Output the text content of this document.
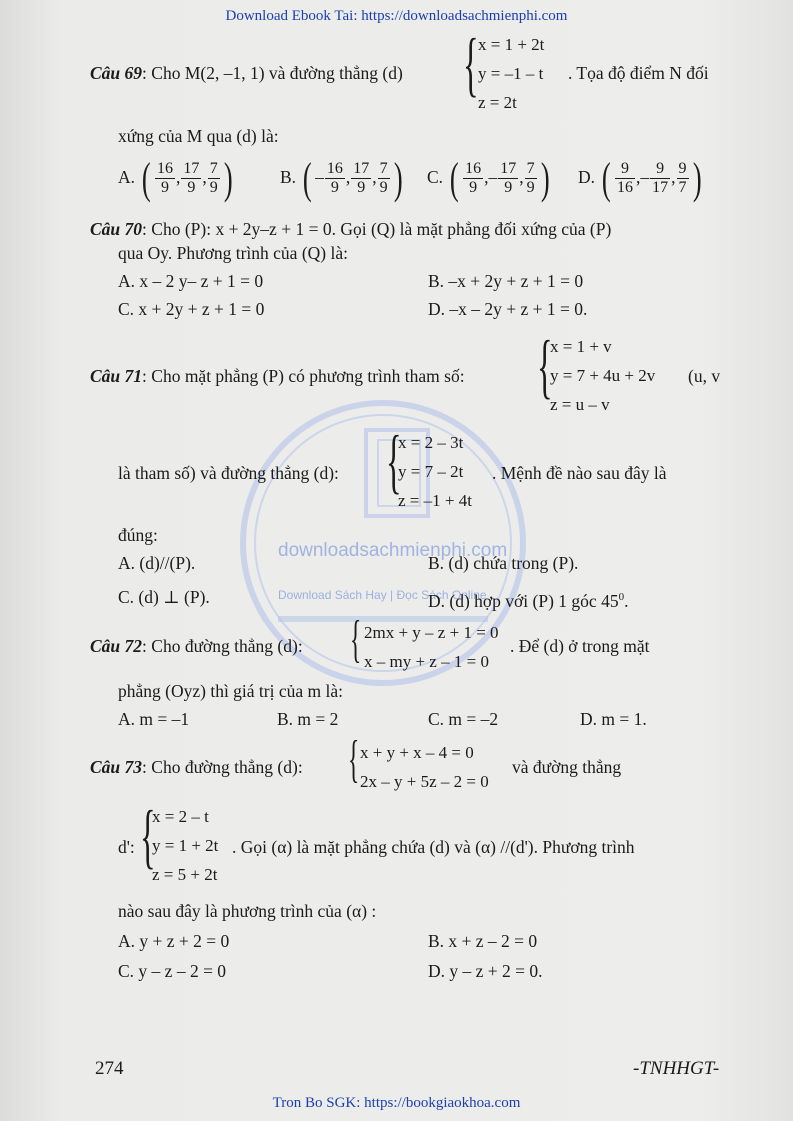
Download Ebook Tai: https://downloadsachmienphi.com
downloadsachmienphi.com
Download Sách Hay | Đọc Sách Online
Câu 69: Cho M(2, –1, 1) và đường thẳng (d) { x = 1 + 2t
y = –1 – t
z = 2t
. Tọa độ điểm N đối
xứng của M qua (d) là:
A. ( $\frac{16}{9}$ , $\frac{17}{9}$ , $\frac{7}{9}$ )	B. ( – $\frac{16}{9}$ , $\frac{17}{9}$ , $\frac{7}{9}$ ) C. ( $\frac{16}{9}$ ,– $\frac{17}{9}$ , $\frac{7}{9}$ ) D. ( $\frac{9}{16}$ ,– $\frac{9}{17}$ , $\frac{9}{7}$ )
Câu 70: Cho (P): x + 2y–z + 1 = 0. Gọi (Q) là mặt phẳng đối xứng của (P)
qua Oy. Phương trình của (Q) là:
A. x – 2 y– z + 1 = 0	B. –x + 2y + z + 1 = 0
C. x + 2y + z + 1 = 0	D. –x – 2y + z + 1 = 0.
Câu 71: Cho mặt phẳng (P) có phương trình tham số: {
x = 1 + v
y = 7 + 4u + 2v
z = u – v
(u, v
là tham số) và đường thẳng (d): {
x = 2 – 3t
y = 7 – 2t
z = –1 + 4t
. Mệnh đề nào sau đây là
đúng:
A. (d)//(P).	B. (d) chứa trong (P).
C. (d) ⊥ (P).	D. (d) hợp với (P) 1 góc $45^0$.
Câu 72: Cho đường thẳng (d): { 2mx + y – z + 1 = 0
x – my + z – 1 = 0
. Để (d) ở trong mặt
phẳng (Oyz) thì giá trị của m là:
A. m = –1	B. m = 2	C. m = –2	D. m = 1.
Câu 73: Cho đường thẳng (d): { x + y + x – 4 = 0
2x – y + 5z – 2 = 0
và đường thẳng
d': {
x = 2 – t
y = 1 + 2t
z = 5 + 2t
. Gọi (α) là mặt phẳng chứa (d) và (α) //(d'). Phương trình
nào sau đây là phương trình của (α) :
A. y + z + 2 = 0	B. x + z – 2 = 0
C. y – z – 2 = 0	D. y – z + 2 = 0.
274	-TNHHGT-
Tron Bo SGK: https://bookgiaokhoa.com
